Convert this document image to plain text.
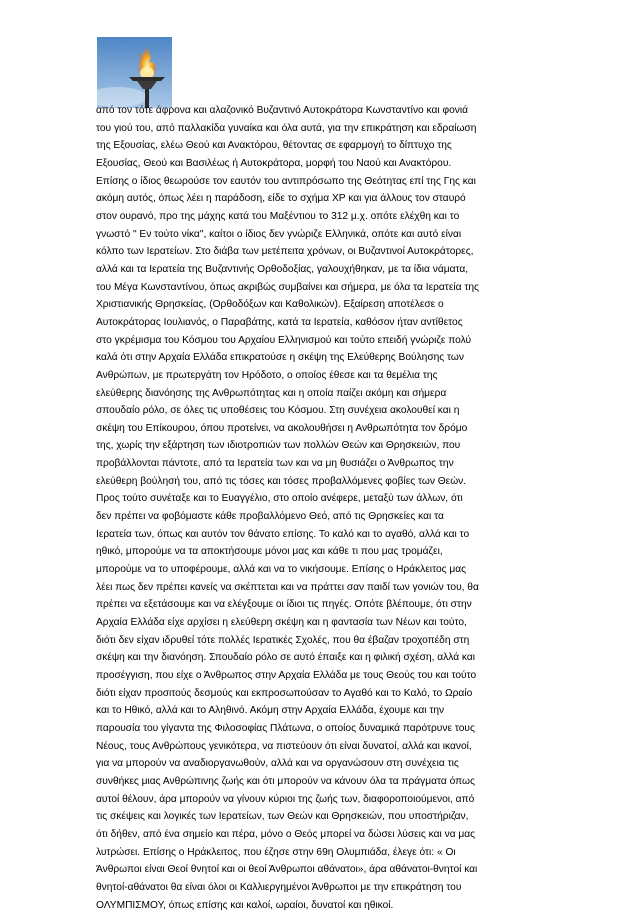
από τον τότε άφρονα και αλαζονικό Βυζαντινό Αυτοκράτορα Κωνσταντίνο και φονιά
του γιού του, από παλλακίδα γυναίκα και όλα αυτά, για την επικράτηση και εδραίωση
της Εξουσίας, ελέω Θεού και Ανακτόρου, θέτοντας σε εφαρμογή το δίπτυχο της
Εξουσίας, Θεού και Βασιλέως ή Αυτοκράτορα, μορφή του Ναού και Ανακτόρου.
Επίσης ο ίδιος θεωρούσε τον εαυτόν του αντιπρόσωπο της Θεότητας επί της Γης και
ακόμη αυτός, όπως λέει η παράδοση, είδε το σχήμα ΧΡ και για άλλους τον σταυρό
στον ουρανό, προ της μάχης κατά του Μαξέντιου το 312 μ.χ. οπότε ελέχθη και το
γνωστό " Εν τούτο νίκα", καίτοι ο ίδιος δεν γνώριζε Ελληνικά, οπότε και αυτό είναι
κόλπο των Ιερατείων. Στο διάβα των μετέπειτα χρόνων, οι Βυζαντινοί Αυτοκράτορες,
αλλά και τα Ιερατεία της Βυζαντινής Ορθοδοξίας, γαλουχήθηκαν, με τα ίδια νάματα,
του Μέγα Κωνσταντίνου, όπως ακριβώς συμβαίνει και σήμερα, με όλα τα Ιερατεία της
Χριστιανικής Θρησκείας, (Ορθοδόξων και Καθολικών). Εξαίρεση αποτέλεσε ο
Αυτοκράτορας Ιουλιανός, ο Παραβάτης, κατά τα Ιερατεία, καθόσον ήταν αντίθετος
στο γκρέμισμα του Κόσμου του Αρχαίου Ελληνισμού και τούτο επειδή γνώριζε πολύ
καλά ότι στην Αρχαία Ελλάδα επικρατούσε η σκέψη της Ελεύθερης Βούλησης των
Ανθρώπων, με πρωτεργάτη τον Ηρόδοτο, ο οποίος έθεσε και τα θεμέλια της
ελεύθερης διανόησης της Ανθρωπότητας και η οποία παίζει ακόμη και σήμερα
σπουδαίο ρόλο, σε όλες τις υποθέσεις του Κόσμου. Στη συνέχεια ακολουθεί και η
σκέψη του Επίκουρου, όπου προτείνει, να ακολουθήσει η Ανθρωπότητα τον δρόμο
της, χωρίς την εξάρτηση των ιδιοτροπιών των πολλών Θεών και Θρησκειών, που
προβάλλονται πάντοτε, από τα Ιερατεία των και να μη θυσιάζει ο Άνθρωπος την
ελεύθερη βούλησή του, από τις τόσες και τόσες προβαλλόμενες φοβίες των Θεών.
Προς τούτο συνέταξε και το Ευαγγέλιο, στο οποίο ανέφερε, μεταξύ των άλλων, ότι
δεν πρέπει να φοβόμαστε κάθε προβαλλόμενο Θεό, από τις Θρησκείες και τα
Ιερατεία των, όπως και αυτόν τον θάνατο επίσης. Το καλό και το αγαθό, αλλά και το
ηθικό, μπορούμε να τα αποκτήσουμε μόνοι μας και κάθε τι που μας τρομάζει,
μπορούμε να το υποφέρουμε, αλλά και να το νικήσουμε. Επίσης ο Ηράκλειτος μας
λέει πως δεν πρέπει κανείς να σκέπτεται και να πράττει σαν παιδί των γονιών του, θα
πρέπει να εξετάσουμε και να ελέγξουμε οι ίδιοι τις πηγές. Οπότε βλέπουμε, ότι στην
Αρχαία Ελλάδα είχε αρχίσει η ελεύθερη σκέψη και η φαντασία των Νέων και τούτο,
διότι δεν είχαν ιδρυθεί τότε πολλές Ιερατικές Σχολές, που θα έβαζαν τροχοπέδη στη
σκέψη και την διανόηση. Σπουδαίο ρόλο σε αυτό έπαιξε και η φιλική σχέση, αλλά και
προσέγγιση, που είχε ο Άνθρωπος στην Αρχαία Ελλάδα με τους Θεούς του και τούτο
διότι είχαν προσιτούς δεσμούς και εκπροσωπούσαν το Αγαθό και το Καλό, το Ωραίο
και το Ηθικό, αλλά και το Αληθινό. Ακόμη στην Αρχαία Ελλάδα, έχουμε και την
παρουσία του γίγαντα της Φιλοσοφίας Πλάτωνα, ο οποίος δυναμικά παρότρυνε τους
Νέους, τους Ανθρώπους γενικότερα, να πιστεύουν ότι είναι δυνατοί, αλλά και ικανοί,
για να μπορούν να αναδιοργανωθούν, αλλά και να οργανώσουν στη συνέχεια τις
συνθήκες μιας Ανθρώπινης ζωής και ότι μπορούν να κάνουν όλα τα πράγματα όπως
αυτοί θέλουν, άρα μπορούν να γίνουν κύριοι της ζωής των, διαφοροποιούμενοι, από
τις σκέψεις και λογικές των Ιερατείων, των Θεών και Θρησκειών, που υποστήριζαν,
ότι δήθεν, από ένα σημείο και πέρα, μόνο ο Θεός μπορεί να δώσει λύσεις και να μας
λυτρώσει. Επίσης ο Ηράκλειτος, που έζησε στην 69η Ολυμπιάδα, έλεγε ότι: « Οι
Άνθρωποι είναι Θεοί θνητοί και οι θεοί Άνθρωποι αθάνατοι», άρα αθάνατοι-θνητοί και
θνητοί-αθάνατοι θα είναι όλοι οι Καλλιεργημένοι Άνθρωποι με την επικράτηση του
ΟΛΥΜΠΙΣΜΟΥ, όπως επίσης και καλοί, ωραίοι, δυνατοί και ηθικοί.
